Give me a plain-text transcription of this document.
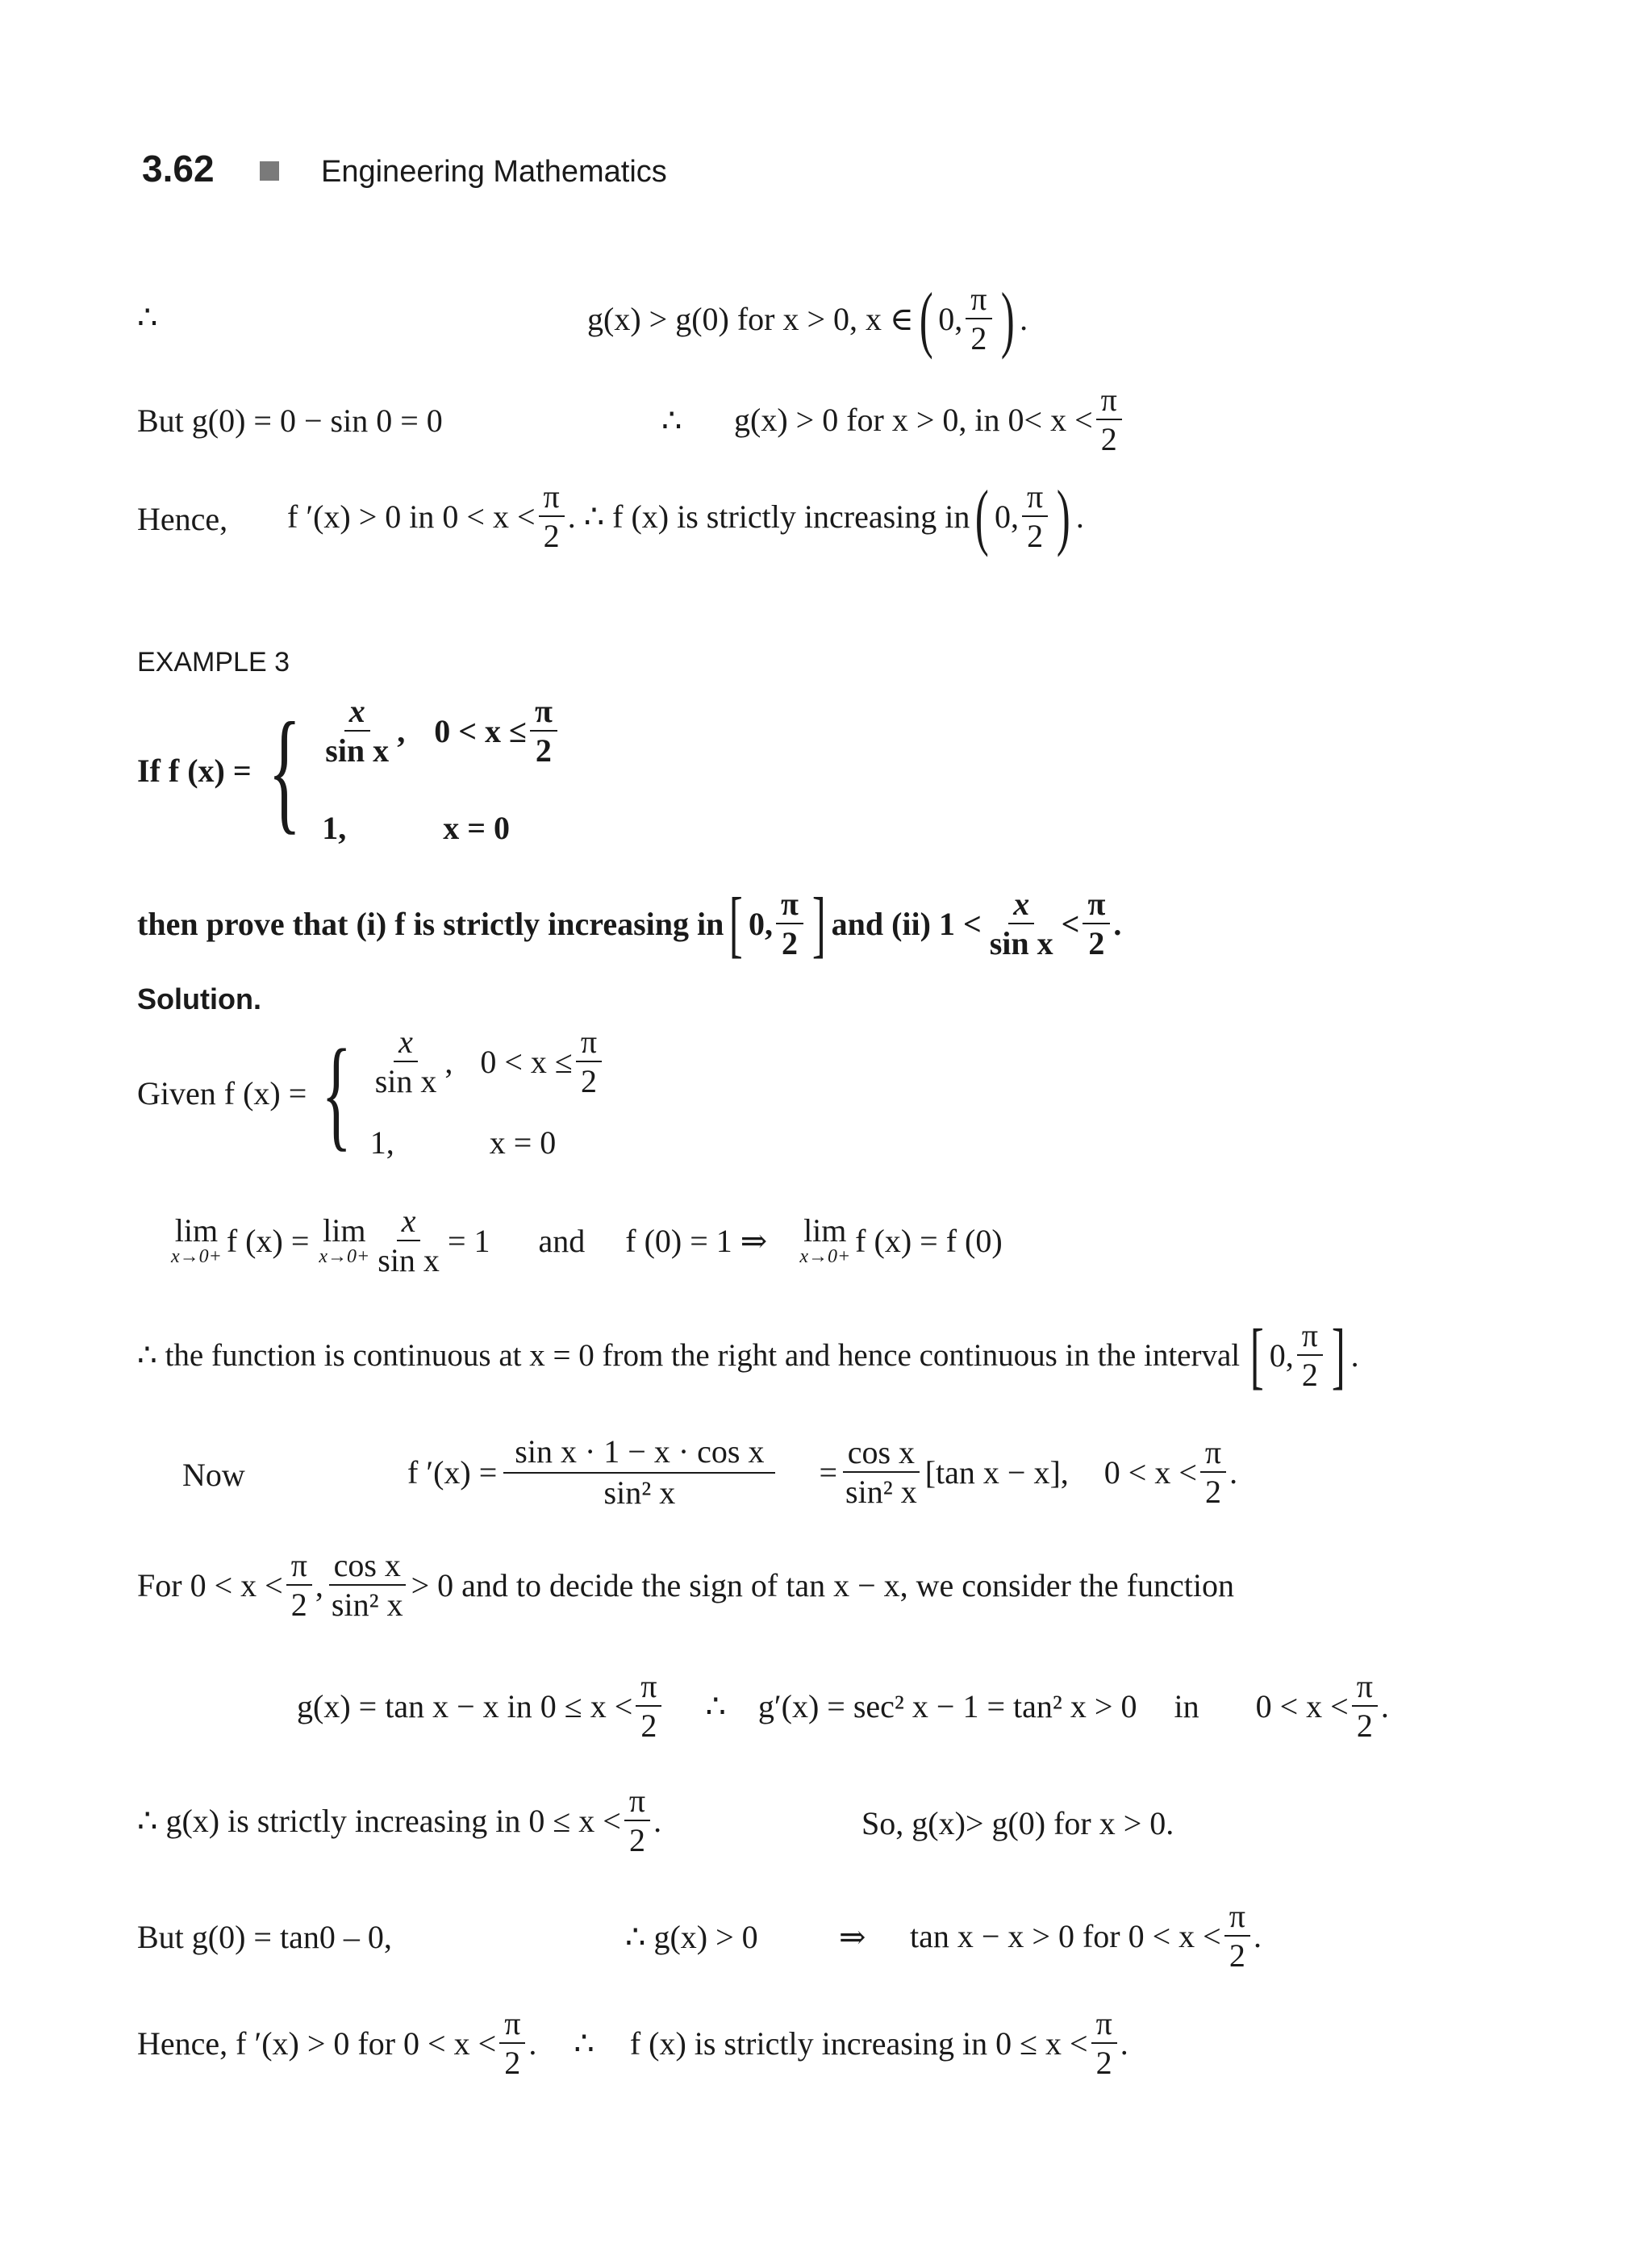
3.62	Engineering Mathematics
∴	g(x) > g(0) for x > 0, x ∈ ( 0, $\frac{\pi}{2}$ ) .
But g(0) = 0 − sin 0 = 0	∴ g(x) > 0 for x > 0, in $0< x < \frac{\pi}{2}$
Hence, f ′(x) > 0 in $0 < x < \frac{\pi}{2}$ . ∴ f (x) is strictly increasing in ( 0, $\frac{\pi}{2}$ ) .
EXAMPLE 3
If f (x) = { $\frac{x}{\text{sin x}}$ , $0 < x \le \frac{\pi}{2}$
1,	x = 0
then prove that (i) f is strictly increasing in [ 0, $\frac{\pi}{2}$ ] and (ii) $1 < \frac{x}{\text{sin x}} < \frac{\pi}{2}$ .
Solution.
Given f (x) = { $\frac{x}{\text{sin x}}$ , $0 < x \le \frac{\pi}{2}$
1,	x = 0
lim
x→0+ f (x) = lim
$x\to 0+ \frac{x}{\text{sin x}} = 1$ and f (0) = 1 ⇒ lim
x→0+ f (x) = f (0)
∴ the function is continuous at x = 0 from the right and hence continuous in the interval [ 0, $\frac{\pi}{2}$ ] .
Now	f $'(x) = \frac{\text{sin x · 1 − x · cos x}}{\text{sin² x}} = \frac{\text{cos x}}{\text{sin² x}} [\tan$ x − x], $0 < x < \frac{\pi}{2}$ .
For $0 < x < \frac{\pi}{2}$ , $\frac{\text{cos x}}{\text{sin² x}} > 0$ and to decide the sign of tan x − x, we consider the function
g(x) = tan x − x in $0 \le x < \frac{\pi}{2}$ ∴ g′(x) = sec² x − 1 = tan² x > 0 in $0 < x < \frac{\pi}{2}$ .
∴ g(x) is strictly increasing in $0 \le x < \frac{\pi}{2}$ .	So, g(x)> g(0) for x > 0.
But g(0) = tan0 – 0,	∴ g(x) > 0	⇒ tan x − x > 0 for $0 < x < \frac{\pi}{2}$ .
Hence, f ′(x) > 0 for $0 < x < \frac{\pi}{2}$ . ∴ f (x) is strictly increasing in $0 \le x < \frac{\pi}{2}$ .
